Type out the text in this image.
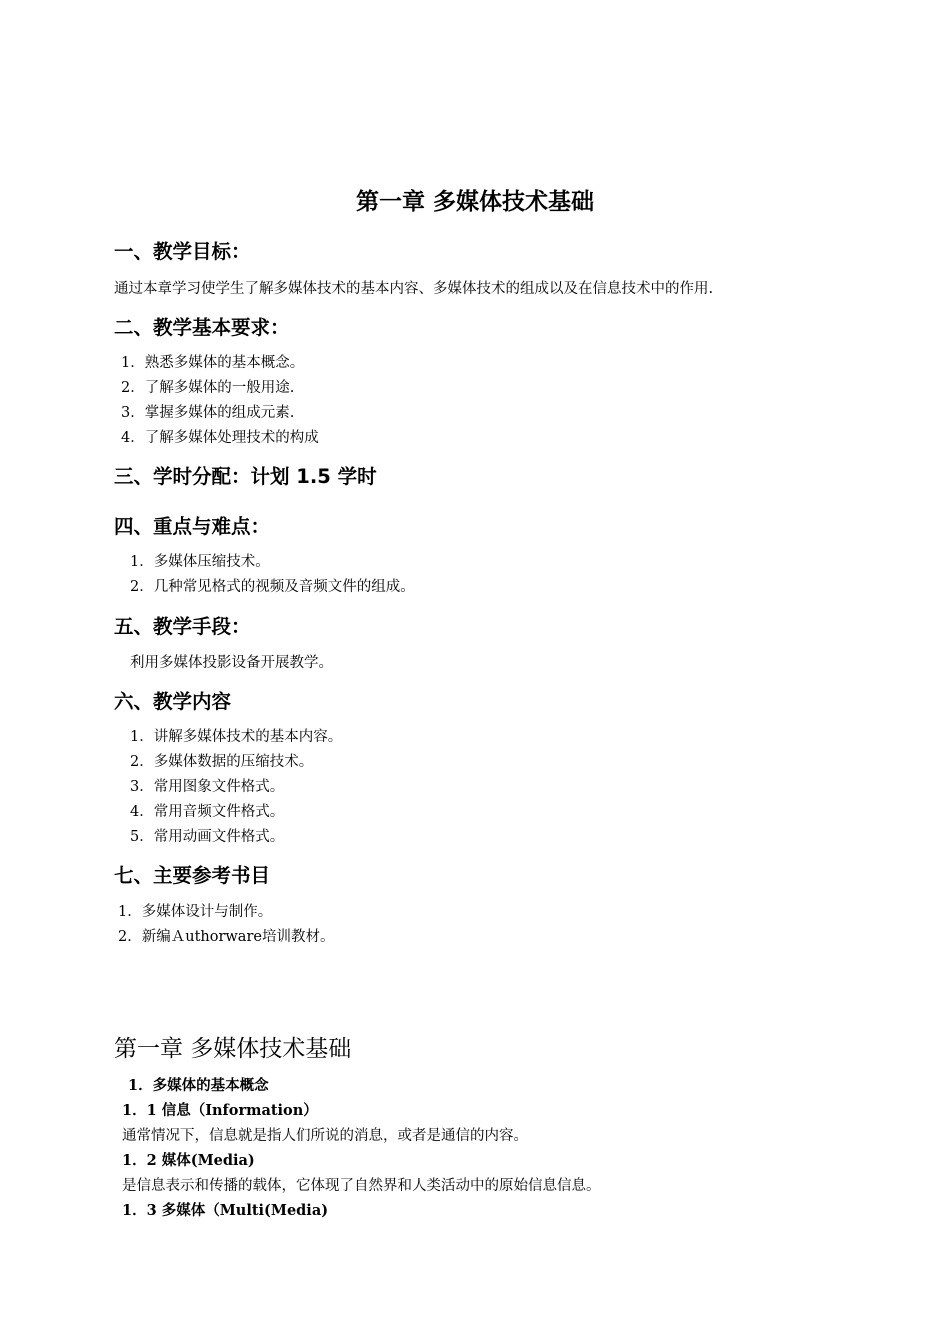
第一章 多媒体技术基础
一、教学目标：
通过本章学习使学生了解多媒体技术的基本内容、多媒体技术的组成以及在信息技术中的作用.
二、教学基本要求：
1．熟悉多媒体的基本概念。
2．了解多媒体的一般用途.
3．掌握多媒体的组成元素.
4．了解多媒体处理技术的构成
三、学时分配：计划 1.5 学时
四、重点与难点：
1．多媒体压缩技术。
2．几种常见格式的视频及音频文件的组成。
五、教学手段：
利用多媒体投影设备开展教学。
六、教学内容
1．讲解多媒体技术的基本内容。
2．多媒体数据的压缩技术。
3．常用图象文件格式。
4．常用音频文件格式。
5．常用动画文件格式。
七、主要参考书目
1．多媒体设计与制作。
2．新编Ａuthorware培训教材。
第一章 多媒体技术基础
1．多媒体的基本概念
1．1 信息（Information）
通常情况下，信息就是指人们所说的消息，或者是通信的内容。
1．2 媒体(Media)
是信息表示和传播的载体，它体现了自然界和人类活动中的原始信息信息。
1．3 多媒体（Multi(Media)
